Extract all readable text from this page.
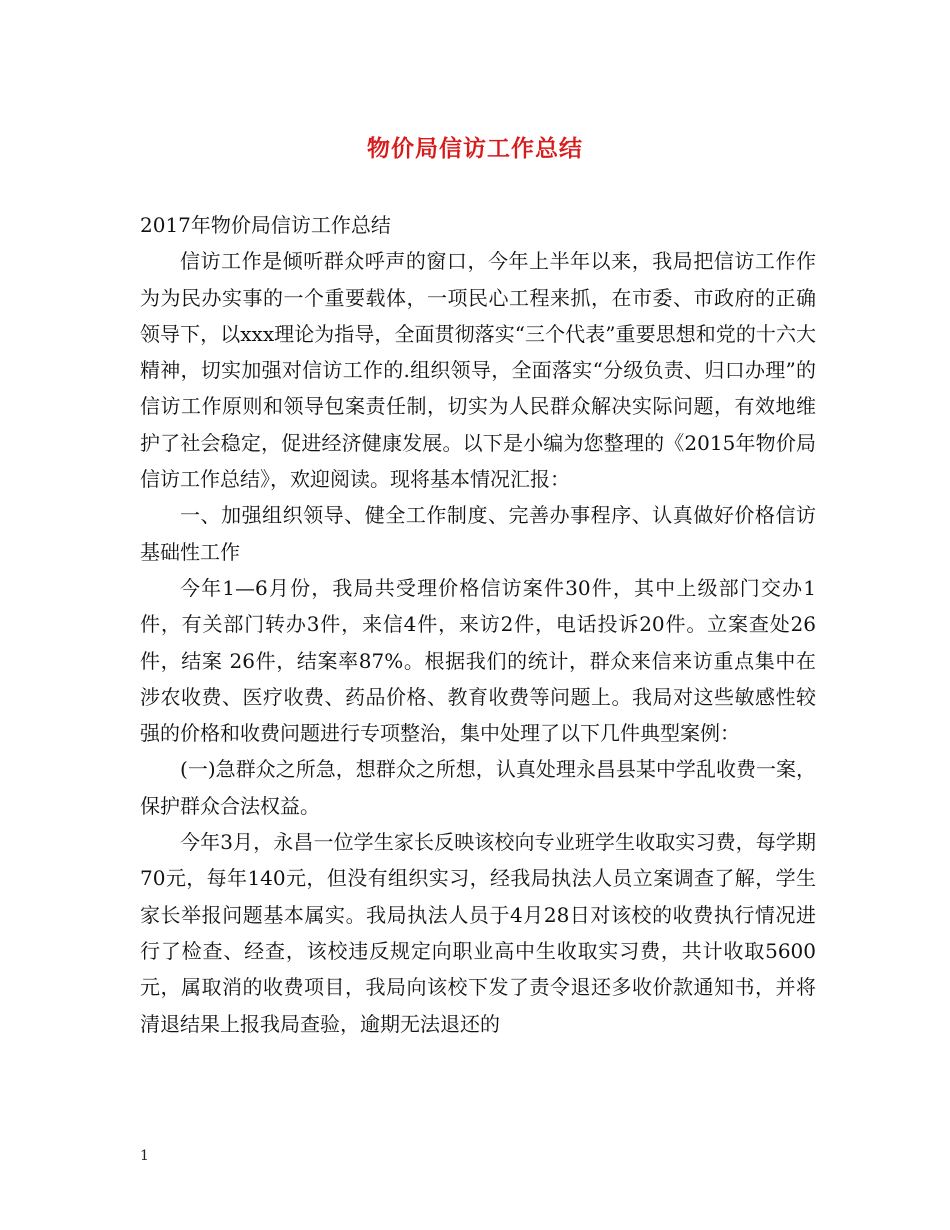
物价局信访工作总结

2017年物价局信访工作总结

信访工作是倾听群众呼声的窗口，今年上半年以来，我局把信访工作作为为民办实事的一个重要载体，一项民心工程来抓，在市委、市政府的正确领导下，以xxx理论为指导，全面贯彻落实“三个代表”重要思想和党的十六大精神，切实加强对信访工作的.组织领导，全面落实“分级负责、归口办理”的信访工作原则和领导包案责任制，切实为人民群众解决实际问题，有效地维护了社会稳定，促进经济健康发展。以下是小编为您整理的《2015年物价局信访工作总结》，欢迎阅读。现将基本情况汇报：

一、加强组织领导、健全工作制度、完善办事程序、认真做好价格信访基础性工作

今年1—6月份，我局共受理价格信访案件30件，其中上级部门交办1件，有关部门转办3件，来信4件，来访2件，电话投诉20件。立案查处26件，结案 26件，结案率87%。根据我们的统计，群众来信来访重点集中在涉农收费、医疗收费、药品价格、教育收费等问题上。我局对这些敏感性较强的价格和收费问题进行专项整治，集中处理了以下几件典型案例：

(一)急群众之所急，想群众之所想，认真处理永昌县某中学乱收费一案，保护群众合法权益。

今年3月，永昌一位学生家长反映该校向专业班学生收取实习费，每学期70元，每年140元，但没有组织实习，经我局执法人员立案调查了解，学生家长举报问题基本属实。我局执法人员于4月28日对该校的收费执行情况进行了检查、经查，该校违反规定向职业高中生收取实习费，共计收取5600元，属取消的收费项目，我局向该校下发了责令退还多收价款通知书，并将清退结果上报我局查验，逾期无法退还的

1
